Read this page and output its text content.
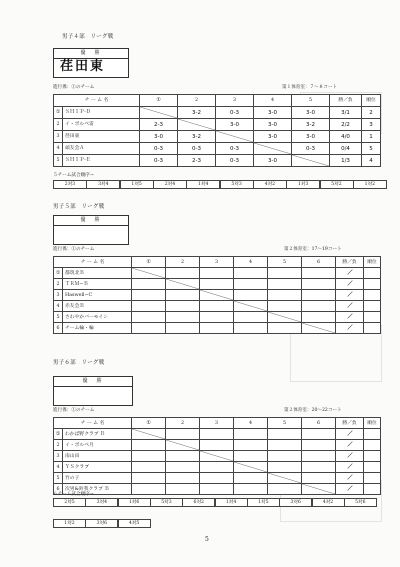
男子４部　リーグ戦
優　勝
荏田東
進行係：①のチーム	第１体育室：７～８コート
チ ー ム 名		①	2	3	4	5	勝／負	順位
①	ＳＨＩＰ-Ｄ		3-2	0-3	3-0	3-0	3/1	2
2	イ・ボルベ雷	2-3		3-0	3-0	3-2	2/2	3
3	荏田東	3-0	3-2		3-0	3-0	4/0	1
4	頑友会Ａ	0-3	0-3	0-3		0-3	0/4	5
5	ＳＨＩＰ-Ｅ	0-3	2-3	0-3	3-0		1/3	4
５チーム試合順序→
2対3	3対4	1対5	2対4	1対4	5対3	4対2	1対3	5対2	1対2
男子５部　リーグ戦
優　勝
進行係：①のチーム	第２体育室：17～19コート
チ ー ム 名		①	2	3	4	5	6	勝／負	順位
①	都筑北Ｂ	

2	ＴＲＭ−Ｂ		

3	Haswell−C			

4	赤友会Ｂ				

5	さわやかバーモイシ					

6	チーム輪・輪						

男子６部　リーグ戦
優　勝
進行係：①のチーム	第２体育室：20～22コート
チ ー ム 名		①	2	3	4	5	6	勝／負	順位
①	わかば野クラブ Ｂ	

2	イ・ボルベ月		

3	南山田			

4	ＹＳクラブ				

5	竹の子					

6	次男&鈴我クラブ Ｂ						

６チーム試合順序→
2対5	3対4	1対6	5対3	6対2	1対4	1対5	3対6	4対2	5対6
1対2	3対6	4対5
5
